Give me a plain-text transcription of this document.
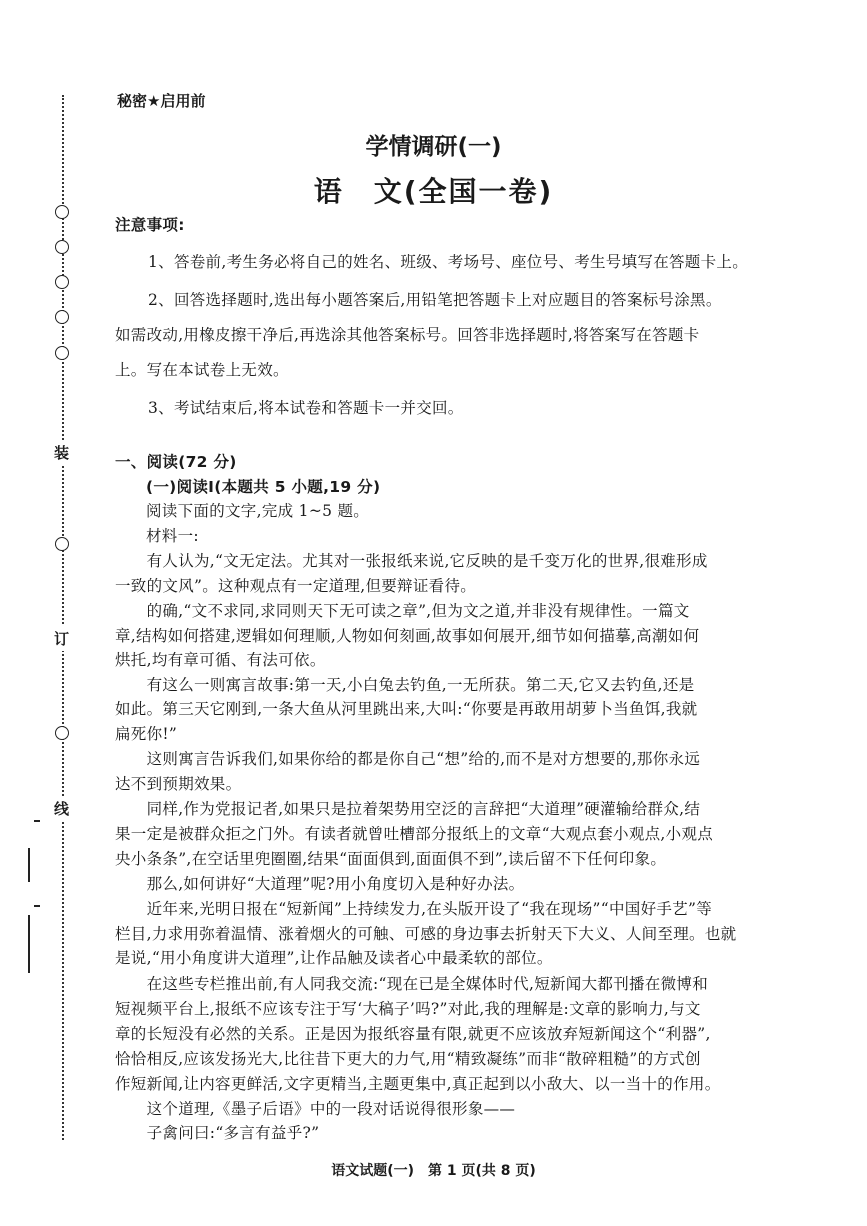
装
订
线
秘密★启用前
学情调研(一)
语　文(全国一卷)
注意事项:
1、答卷前,考生务必将自己的姓名、班级、考场号、座位号、考生号填写在答题卡上。
2、回答选择题时,选出每小题答案后,用铅笔把答题卡上对应题目的答案标号涂黑。
如需改动,用橡皮擦干净后,再选涂其他答案标号。回答非选择题时,将答案写在答题卡
上。写在本试卷上无效。
3、考试结束后,将本试卷和答题卡一并交回。
一、阅读(72 分)
(一)阅读Ⅰ(本题共 5 小题,19 分)
阅读下面的文字,完成 1~5 题。
材料一:
　　有人认为,“文无定法。尤其对一张报纸来说,它反映的是千变万化的世界,很难形成
一致的文风”。这种观点有一定道理,但要辩证看待。
　　的确,“文不求同,求同则天下无可读之章”,但为文之道,并非没有规律性。一篇文
章,结构如何搭建,逻辑如何理顺,人物如何刻画,故事如何展开,细节如何描摹,高潮如何
烘托,均有章可循、有法可依。
　　有这么一则寓言故事:第一天,小白兔去钓鱼,一无所获。第二天,它又去钓鱼,还是
如此。第三天它刚到,一条大鱼从河里跳出来,大叫:“你要是再敢用胡萝卜当鱼饵,我就
扁死你!”
　　这则寓言告诉我们,如果你给的都是你自己“想”给的,而不是对方想要的,那你永远
达不到预期效果。
　　同样,作为党报记者,如果只是拉着架势用空泛的言辞把“大道理”硬灌输给群众,结
果一定是被群众拒之门外。有读者就曾吐槽部分报纸上的文章“大观点套小观点,小观点
央小条条”,在空话里兜圈圈,结果“面面俱到,面面俱不到”,读后留不下任何印象。
　　那么,如何讲好“大道理”呢?用小角度切入是种好办法。
　　近年来,光明日报在“短新闻”上持续发力,在头版开设了“我在现场”“中国好手艺”等
栏目,力求用弥着温情、涨着烟火的可触、可感的身边事去折射天下大义、人间至理。也就
是说,“用小角度讲大道理”,让作品触及读者心中最柔软的部位。
　　在这些专栏推出前,有人同我交流:“现在已是全媒体时代,短新闻大都刊播在微博和
短视频平台上,报纸不应该专注于写‘大稿子’吗?”对此,我的理解是:文章的影响力,与文
章的长短没有必然的关系。正是因为报纸容量有限,就更不应该放弃短新闻这个“利器”,
恰恰相反,应该发扬光大,比往昔下更大的力气,用“精致凝练”而非“散碎粗糙”的方式创
作短新闻,让内容更鲜活,文字更精当,主题更集中,真正起到以小敌大、以一当十的作用。
　　这个道理,《墨子后语》中的一段对话说得很形象——
　　子禽问曰:“多言有益乎?”
语文试题(一)　第 1 页(共 8 页)
